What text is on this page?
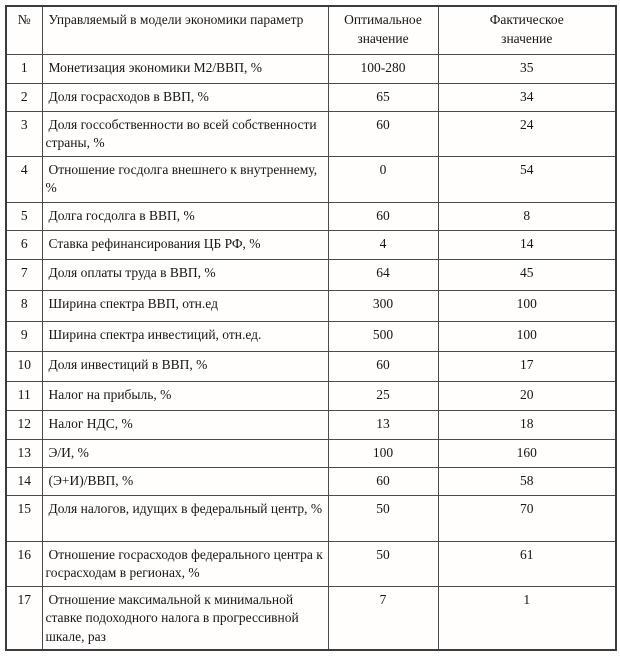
№	Управляемый в модели экономики параметр	Оптимальное значение	Фактическое значение
1	Монетизация экономики М2/ВВП, %	100-280	35
2	Доля госрасходов в ВВП, %	65	34
3	Доля госсобственности во всей собственности страны, %	60	24
4	Отношение госдолга внешнего к внутреннему, %	0	54
5	Долга госдолга в ВВП, %	60	8
6	Ставка рефинансирования ЦБ РФ, %	4	14
7	Доля оплаты труда в ВВП, %	64	45
8	Ширина спектра ВВП, отн.ед	300	100
9	Ширина спектра инвестиций, отн.ед.	500	100
10	Доля инвестиций в ВВП, %	60	17
11	Налог на прибыль, %	25	20
12	Налог НДС, %	13	18
13	Э/И, %	100	160
14	(Э+И)/ВВП, %	60	58
15	Доля налогов, идущих в федеральный центр, %	50	70
16	Отношение госрасходов федерального центра к госрасходам в регионах, %	50	61
17	Отношение максимальной к минимальной ставке подоходного налога в прогрессивной шкале, раз	7	1
